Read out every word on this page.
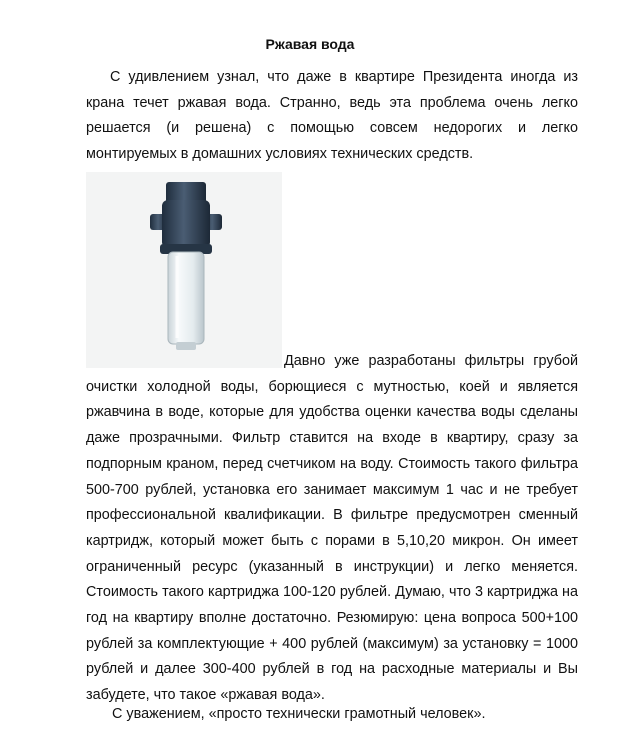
Ржавая вода
С удивлением узнал, что даже в квартире Президента иногда из крана течет ржавая вода. Странно, ведь эта проблема очень легко решается (и решена) с помощью совсем недорогих и легко монтируемых в домашних условиях технических средств.
Давно уже разработаны фильтры грубой очистки холодной воды, борющиеся с мутностью, коей и является ржавчина в воде, которые для удобства оценки качества воды сделаны даже прозрачными. Фильтр ставится на входе в квартиру, сразу за подпорным краном, перед счетчиком на воду. Стоимость такого фильтра 500-700 рублей, установка его занимает максимум 1 час и не требует профессиональной квалификации. В фильтре предусмотрен сменный картридж, который может быть с порами в 5,10,20 микрон. Он имеет ограниченный ресурс (указанный в инструкции) и легко меняется. Стоимость такого картриджа 100-120 рублей. Думаю, что 3 картриджа на год на квартиру вполне достаточно. Резюмирую: цена вопроса 500+100 рублей за комплектующие + 400 рублей (максимум) за установку = 1000 рублей и далее 300-400 рублей в год на расходные материалы и Вы забудете, что такое «ржавая вода».
С уважением, «просто технически грамотный человек».
